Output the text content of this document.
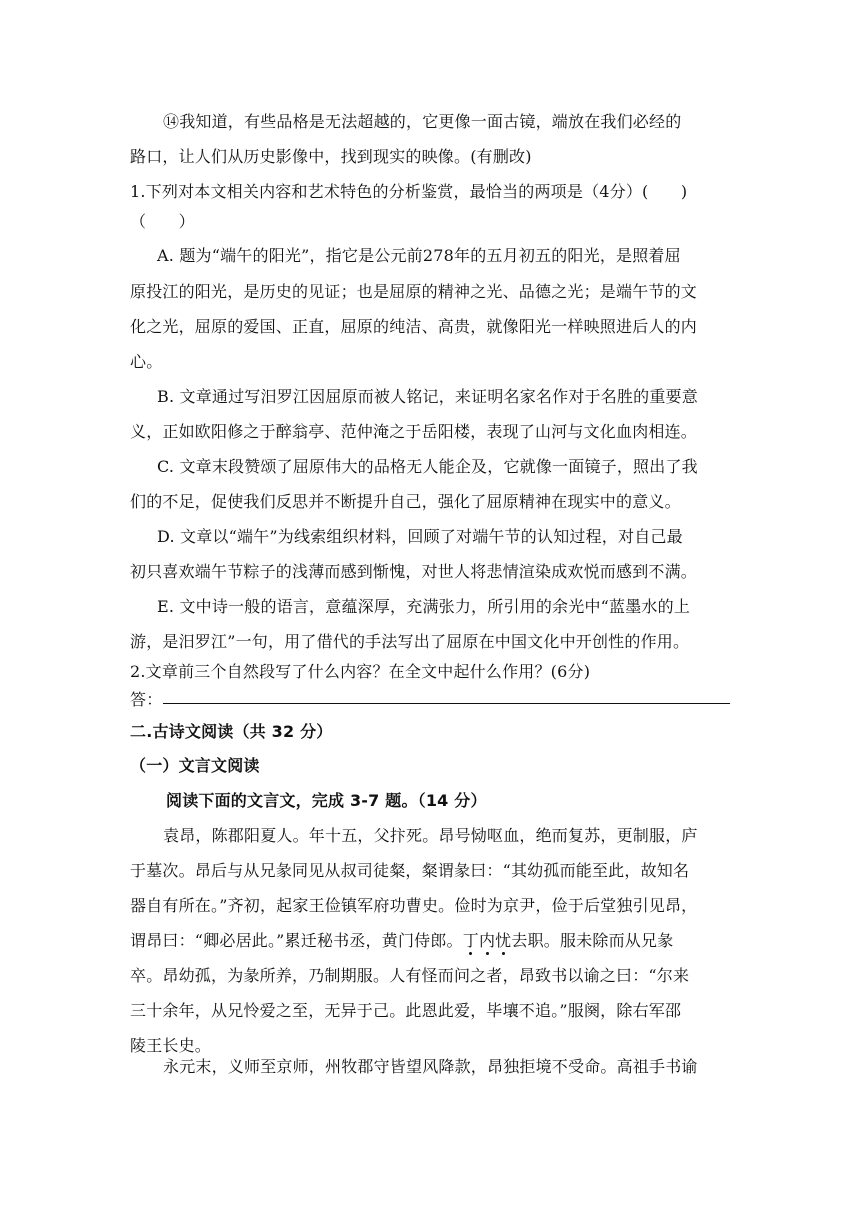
⑭我知道，有些品格是无法超越的，它更像一面古镜，端放在我们必经的
路口，让人们从历史影像中，找到现实的映像。(有删改)
1.下列对本文相关内容和艺术特色的分析鉴赏，最恰当的两项是（4分）(　　)
（　　）
A. 题为“端午的阳光”，指它是公元前278年的五月初五的阳光，是照着屈
原投江的阳光，是历史的见证；也是屈原的精神之光、品德之光；是端午节的文
化之光，屈原的爱国、正直，屈原的纯洁、高贵，就像阳光一样映照进后人的内
心。
B. 文章通过写汨罗江因屈原而被人铭记，来证明名家名作对于名胜的重要意
义，正如欧阳修之于醉翁亭、范仲淹之于岳阳楼，表现了山河与文化血肉相连。
C. 文章末段赞颂了屈原伟大的品格无人能企及，它就像一面镜子，照出了我
们的不足，促使我们反思并不断提升自己，强化了屈原精神在现实中的意义。
D. 文章以“端午”为线索组织材料，回顾了对端午节的认知过程，对自己最
初只喜欢端午节粽子的浅薄而感到惭愧，对世人将悲情渲染成欢悦而感到不满。
E. 文中诗一般的语言，意蕴深厚，充满张力，所引用的余光中“蓝墨水的上
游，是汨罗江”一句，用了借代的手法写出了屈原在中国文化中开创性的作用。
2.文章前三个自然段写了什么内容？在全文中起什么作用？(6分)
答：
二.古诗文阅读（共 32 分）
（一）文言文阅读
阅读下面的文言文，完成 3-7 题。（14 分）
袁昂，陈郡阳夏人。年十五，父抃死。昂号恸呕血，绝而复苏，更制服，庐
于墓次。昂后与从兄彖同见从叔司徒粲，粲谓彖曰：“其幼孤而能至此，故知名
器自有所在。”齐初，起家王俭镇军府功曹史。俭时为京尹，俭于后堂独引见昂，
谓昂曰：“卿必居此。”累迁秘书丞，黄门侍郎。丁内忧去职。服未除而从兄彖
卒。昂幼孤，为彖所养，乃制期服。人有怪而问之者，昂致书以谕之曰：“尔来
三十余年，从兄怜爱之至，无异于己。此恩此爱，毕壤不追。”服阕，除右军邵
陵王长史。
永元末，义师至京师，州牧郡守皆望风降款，昂独拒境不受命。高祖手书谕
